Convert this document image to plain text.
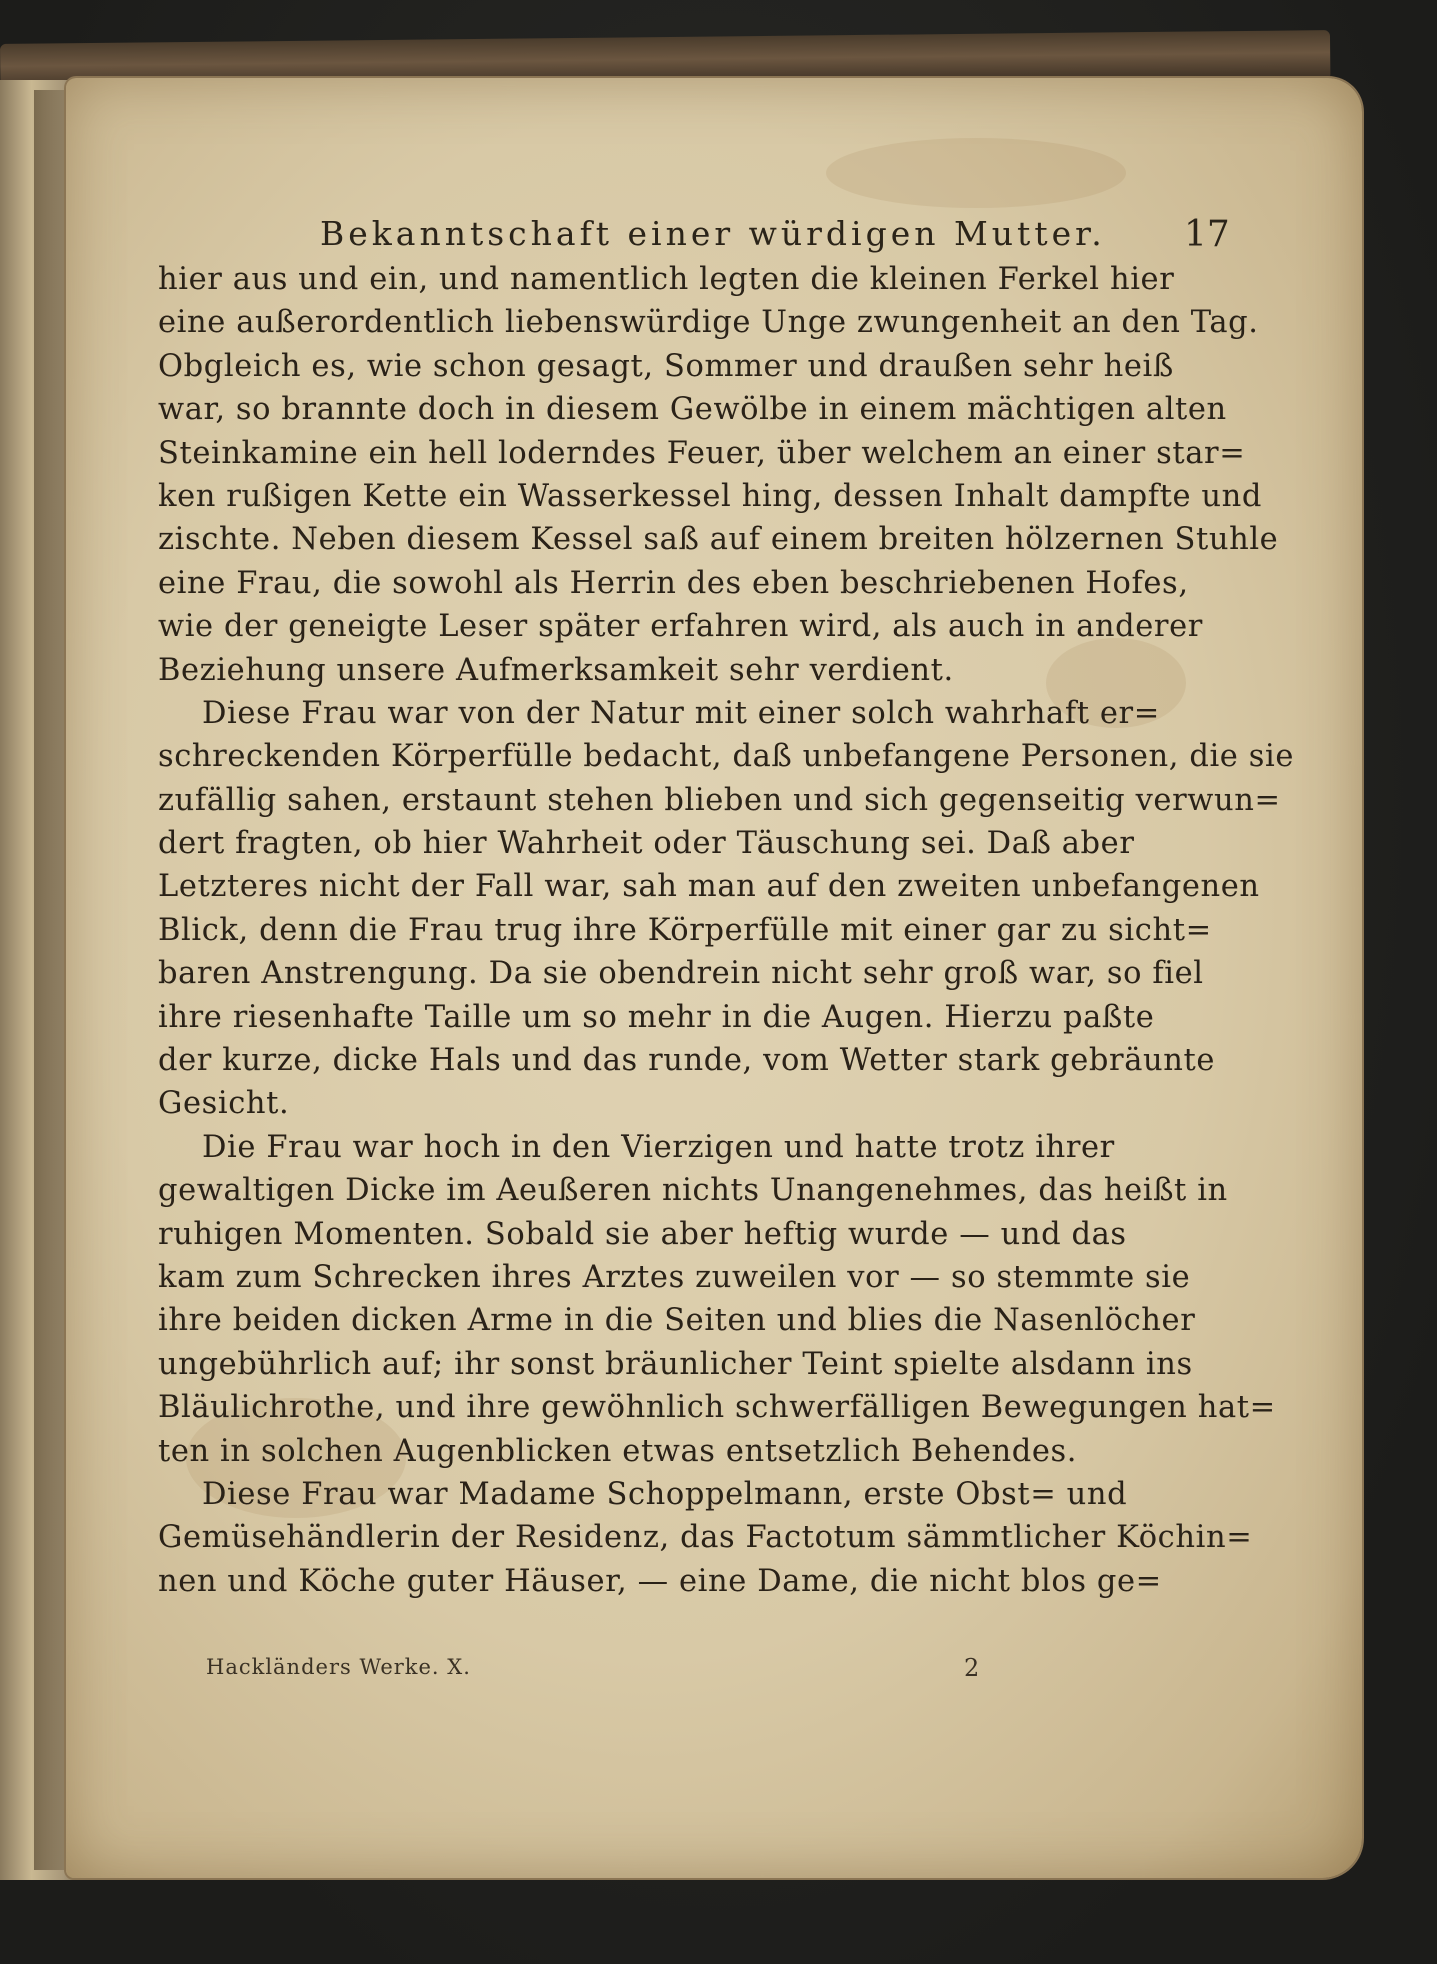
Bekanntschaft einer würdigen Mutter. 17
hier aus und ein, und namentlich legten die kleinen Ferkel hier
eine außerordentlich liebenswürdige Unge zwungenheit an den Tag.
Obgleich es, wie schon gesagt, Sommer und draußen sehr heiß
war, so brannte doch in diesem Gewölbe in einem mächtigen alten
Steinkamine ein hell loderndes Feuer, über welchem an einer star=
ken rußigen Kette ein Wasserkessel hing, dessen Inhalt dampfte und
zischte. Neben diesem Kessel saß auf einem breiten hölzernen Stuhle
eine Frau, die sowohl als Herrin des eben beschriebenen Hofes,
wie der geneigte Leser später erfahren wird, als auch in anderer
Beziehung unsere Aufmerksamkeit sehr verdient.
Diese Frau war von der Natur mit einer solch wahrhaft er=
schreckenden Körperfülle bedacht, daß unbefangene Personen, die sie
zufällig sahen, erstaunt stehen blieben und sich gegenseitig verwun=
dert fragten, ob hier Wahrheit oder Täuschung sei. Daß aber
Letzteres nicht der Fall war, sah man auf den zweiten unbefangenen
Blick, denn die Frau trug ihre Körperfülle mit einer gar zu sicht=
baren Anstrengung. Da sie obendrein nicht sehr groß war, so fiel
ihre riesenhafte Taille um so mehr in die Augen. Hierzu paßte
der kurze, dicke Hals und das runde, vom Wetter stark gebräunte
Gesicht.
Die Frau war hoch in den Vierzigen und hatte trotz ihrer
gewaltigen Dicke im Aeußeren nichts Unangenehmes, das heißt in
ruhigen Momenten. Sobald sie aber heftig wurde — und das
kam zum Schrecken ihres Arztes zuweilen vor — so stemmte sie
ihre beiden dicken Arme in die Seiten und blies die Nasenlöcher
ungebührlich auf; ihr sonst bräunlicher Teint spielte alsdann ins
Bläulichrothe, und ihre gewöhnlich schwerfälligen Bewegungen hat=
ten in solchen Augenblicken etwas entsetzlich Behendes.
Diese Frau war Madame Schoppelmann, erste Obst= und
Gemüsehändlerin der Residenz, das Factotum sämmtlicher Köchin=
nen und Köche guter Häuser, — eine Dame, die nicht blos ge=
Hackländers Werke. X.	2
